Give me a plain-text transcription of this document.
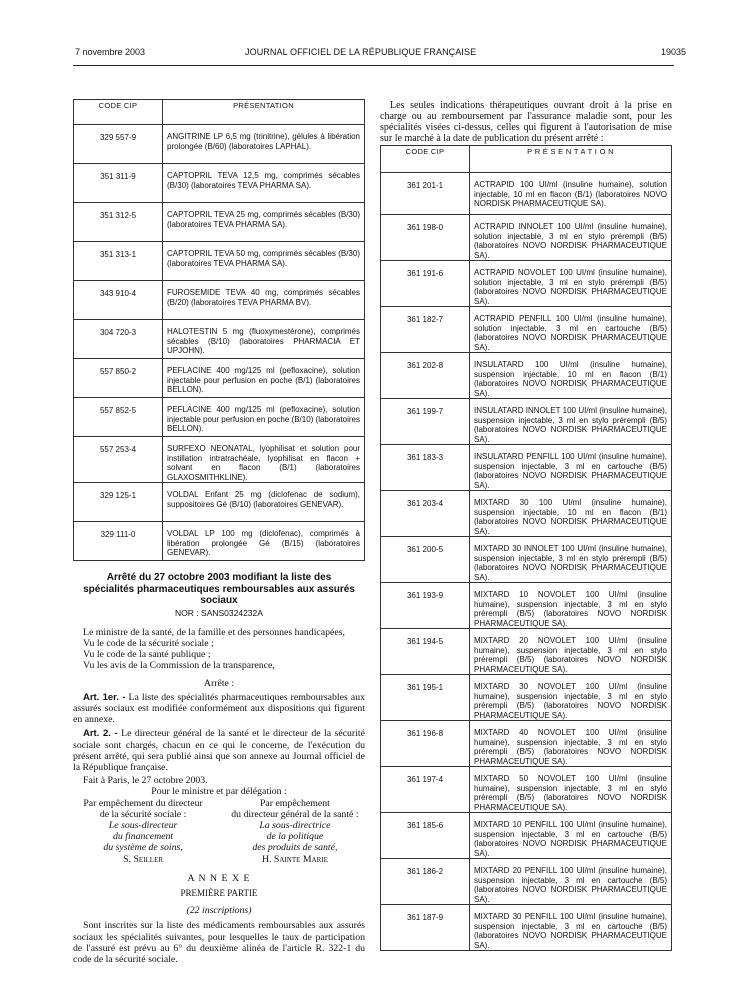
7 novembre 2003	JOURNAL OFFICIEL DE LA RÉPUBLIQUE FRANÇAISE	19035
CODE CIP	PRÉSENTATION
329 557-9	ANGITRINE LP 6,5 mg (trinitrine), gélules à libération prolongée (B/60) (laboratoires LAPHAL).
351 311-9	CAPTOPRIL TEVA 12,5 mg, comprimés sécables (B/30) (laboratoires TEVA PHARMA SA).
351 312-5	CAPTOPRIL TEVA 25 mg, comprimés sécables (B/30) (laboratoires TEVA PHARMA SA).
351 313-1	CAPTOPRIL TEVA 50 mg, comprimés sécables (B/30) (laboratoires TEVA PHARMA SA).
343 910-4	FUROSEMIDE TEVA 40 mg, comprimés sécables (B/20) (laboratoires TEVA PHARMA BV).
304 720-3	HALOTESTIN 5 mg (fluoxymestérone), comprimés sécables (B/10) (laboratoires PHARMACIA ET UPJOHN).
557 850-2	PEFLACINE 400 mg/125 ml (pefloxacine), solution injectable pour perfusion en poche (B/1) (laboratoires BELLON).
557 852-5	PEFLACINE 400 mg/125 ml (pefloxacine), solution injectable pour perfusion en poche (B/10) (laboratoires BELLON).
557 253-4	SURFEXO NEONATAL, lyophilisat et solution pour instillation intratrachéale, lyophilisat en flacon + solvant en flacon (B/1) (laboratoires GLAXOSMITHKLINE).
329 125-1	VOLDAL Enfant 25 mg (diclofenac de sodium), suppositoires Gé (B/10) (laboratoires GENEVAR).
329 111-0	VOLDAL LP 100 mg (diclofenac), comprimés à libération prolongée Gé (B/15) (laboratoires GENEVAR).
Arrêté du 27 octobre 2003 modifiant la liste des spécialités pharmaceutiques remboursables aux assurés sociaux
NOR : SANS0324232A

Le ministre de la santé, de la famille et des personnes handicapées,

Vu le code de la sécurité sociale ;

Vu le code de la santé publique ;

Vu les avis de la Commission de la transparence,

Arrête :

Art. 1er. - La liste des spécialités pharmaceutiques remboursables aux assurés sociaux est modifiée conformément aux dispositions qui figurent en annexe.

Art. 2. - Le directeur général de la santé et le directeur de la sécurité sociale sont chargés, chacun en ce qui le concerne, de l'exécution du présent arrêté, qui sera publié ainsi que son annexe au Journal officiel de la République française.

Fait à Paris, le 27 octobre 2003.

Pour le ministre et par délégation :

Par empêchement du directeur
de la sécurité sociale :
Le sous-directeur
du financement
du système de soins,
S. Seiller
Par empêchement
du directeur général de la santé :
La sous-directrice
de la politique
des produits de santé,
H. Sainte Marie

A N N E X E

PREMIÈRE PARTIE

(22 inscriptions)

Sont inscrites sur la liste des médicaments remboursables aux assurés sociaux les spécialités suivantes, pour lesquelles le taux de participation de l'assuré est prévu au 6° du deuxième alinéa de l'article R. 322-1 du code de la sécurité sociale.

Les seules indications thérapeutiques ouvrant droit à la prise en charge ou au remboursement par l'assurance maladie sont, pour les spécialités visées ci-dessus, celles qui figurent à l'autorisation de mise sur le marché à la date de publication du présent arrêté :
CODE CIP	P R É S E N T A T I O N
361 201-1	ACTRAPID 100 UI/ml (insuline humaine), solution injectable, 10 ml en flacon (B/1) (laboratoires NOVO NORDISK PHARMACEUTIQUE SA).
361 198-0	ACTRAPID INNOLET 100 UI/ml (insuline humaine), solution injectable, 3 ml en stylo prérempli (B/5) (laboratoires NOVO NORDISK PHARMACEUTIQUE SA).
361 191-6	ACTRAPID NOVOLET 100 UI/ml (insuline humaine), solution injectable, 3 ml en stylo prérempli (B/5) (laboratoires NOVO NORDISK PHARMACEUTIQUE SA).
361 182-7	ACTRAPID PENFILL 100 UI/ml (insuline humaine), solution injectable, 3 ml en cartouche (B/5) (laboratoires NOVO NORDISK PHARMACEUTIQUE SA).
361 202-8	INSULATARD 100 UI/ml (insuline humaine), suspension injectable, 10 ml en flacon (B/1) (laboratoires NOVO NORDISK PHARMACEUTIQUE SA).
361 199-7	INSULATARD INNOLET 100 UI/ml (insuline humaine), suspension injectable, 3 ml en stylo prérempli (B/5) (laboratoires NOVO NORDISK PHARMACEUTIQUE SA).
361 183-3	INSULATARD PENFILL 100 UI/ml (insuline humaine), suspension injectable, 3 ml en cartouche (B/5) (laboratoires NOVO NORDISK PHARMACEUTIQUE SA).
361 203-4	MIXTARD 30 100 UI/ml (insuline humaine), suspension injectable, 10 ml en flacon (B/1) (laboratoires NOVO NORDISK PHARMACEUTIQUE SA).
361 200-5	MIXTARD 30 INNOLET 100 UI/ml (insuline humaine), suspension injectable, 3 ml en stylo prérempli (B/5) (laboratoires NOVO NORDISK PHARMACEUTIQUE SA).
361 193-9	MIXTARD 10 NOVOLET 100 UI/ml (insuline humaine), suspension injectable, 3 ml en stylo prérempli (B/5) (laboratoires NOVO NORDISK PHARMACEUTIQUE SA).
361 194-5	MIXTARD 20 NOVOLET 100 UI/ml (insuline humaine), suspension injectable, 3 ml en stylo prérempli (B/5) (laboratoires NOVO NORDISK PHARMACEUTIQUE SA).
361 195-1	MIXTARD 30 NOVOLET 100 UI/ml (insuline humaine), suspension injectable, 3 ml en stylo prérempli (B/5) (laboratoires NOVO NORDISK PHARMACEUTIQUE SA).
361 196-8	MIXTARD 40 NOVOLET 100 UI/ml (insuline humaine), suspension injectable, 3 ml en stylo prérempli (B/5) (laboratoires NOVO NORDISK PHARMACEUTIQUE SA).
361 197-4	MIXTARD 50 NOVOLET 100 UI/ml (insuline humaine), suspension injectable, 3 ml en stylo prérempli (B/5) (laboratoires NOVO NORDISK PHARMACEUTIQUE SA).
361 185-6	MIXTARD 10 PENFILL 100 UI/ml (insuline humaine), suspension injectable, 3 ml en cartouche (B/5) (laboratoires NOVO NORDISK PHARMACEUTIQUE SA).
361 186-2	MIXTARD 20 PENFILL 100 UI/ml (insuline humaine), suspension injectable, 3 ml en cartouche (B/5) (laboratoires NOVO NORDISK PHARMACEUTIQUE SA).
361 187-9	MIXTARD 30 PENFILL 100 UI/ml (insuline humaine), suspension injectable, 3 ml en cartouche (B/5) (laboratoires NOVO NORDISK PHARMACEUTIQUE SA).
